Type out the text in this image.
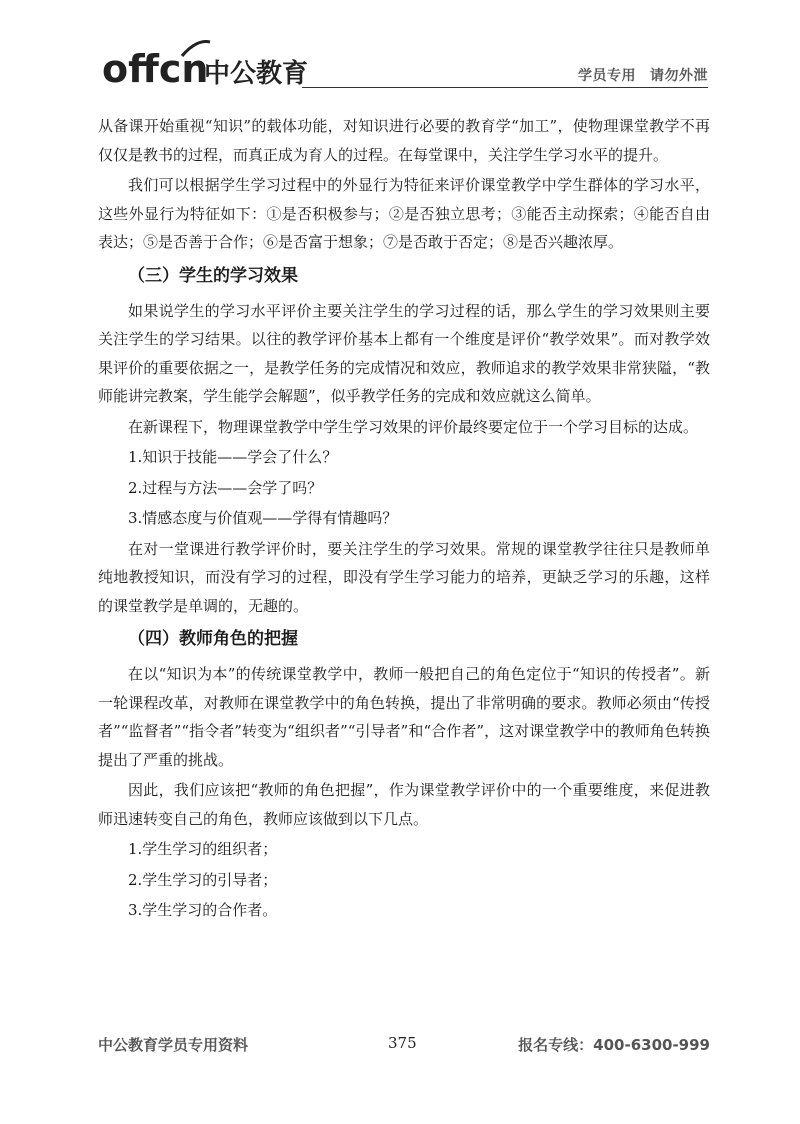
offcn
中公教育	学员专用 请勿外泄

从备课开始重视“知识”的载体功能，对知识进行必要的教育学“加工”，使物理课堂教学不再仅仅是教书的过程，而真正成为育人的过程。在每堂课中，关注学生学习水平的提升。

我们可以根据学生学习过程中的外显行为特征来评价课堂教学中学生群体的学习水平，这些外显行为特征如下：①是否积极参与；②是否独立思考；③能否主动探索；④能否自由表达；⑤是否善于合作；⑥是否富于想象；⑦是否敢于否定；⑧是否兴趣浓厚。

（三）学生的学习效果

如果说学生的学习水平评价主要关注学生的学习过程的话，那么学生的学习效果则主要关注学生的学习结果。以往的教学评价基本上都有一个维度是评价“教学效果”。而对教学效果评价的重要依据之一，是教学任务的完成情况和效应，教师追求的教学效果非常狭隘，“教师能讲完教案，学生能学会解题”，似乎教学任务的完成和效应就这么简单。

在新课程下，物理课堂教学中学生学习效果的评价最终要定位于一个学习目标的达成。

1.知识于技能——学会了什么？
2.过程与方法——会学了吗？
3.情感态度与价值观——学得有情趣吗？

在对一堂课进行教学评价时，要关注学生的学习效果。常规的课堂教学往往只是教师单纯地教授知识，而没有学习的过程，即没有学生学习能力的培养，更缺乏学习的乐趣，这样的课堂教学是单调的，无趣的。

（四）教师角色的把握

在以“知识为本”的传统课堂教学中，教师一般把自己的角色定位于“知识的传授者”。新一轮课程改革，对教师在课堂教学中的角色转换，提出了非常明确的要求。教师必须由“传授者”“监督者”“指令者”转变为“组织者”“引导者”和“合作者”，这对课堂教学中的教师角色转换提出了严重的挑战。

因此，我们应该把“教师的角色把握”，作为课堂教学评价中的一个重要维度，来促进教师迅速转变自己的角色，教师应该做到以下几点。

1.学生学习的组织者；
2.学生学习的引导者；
3.学生学习的合作者。
中公教育学员专用资料	375	报名专线：400-6300-999
